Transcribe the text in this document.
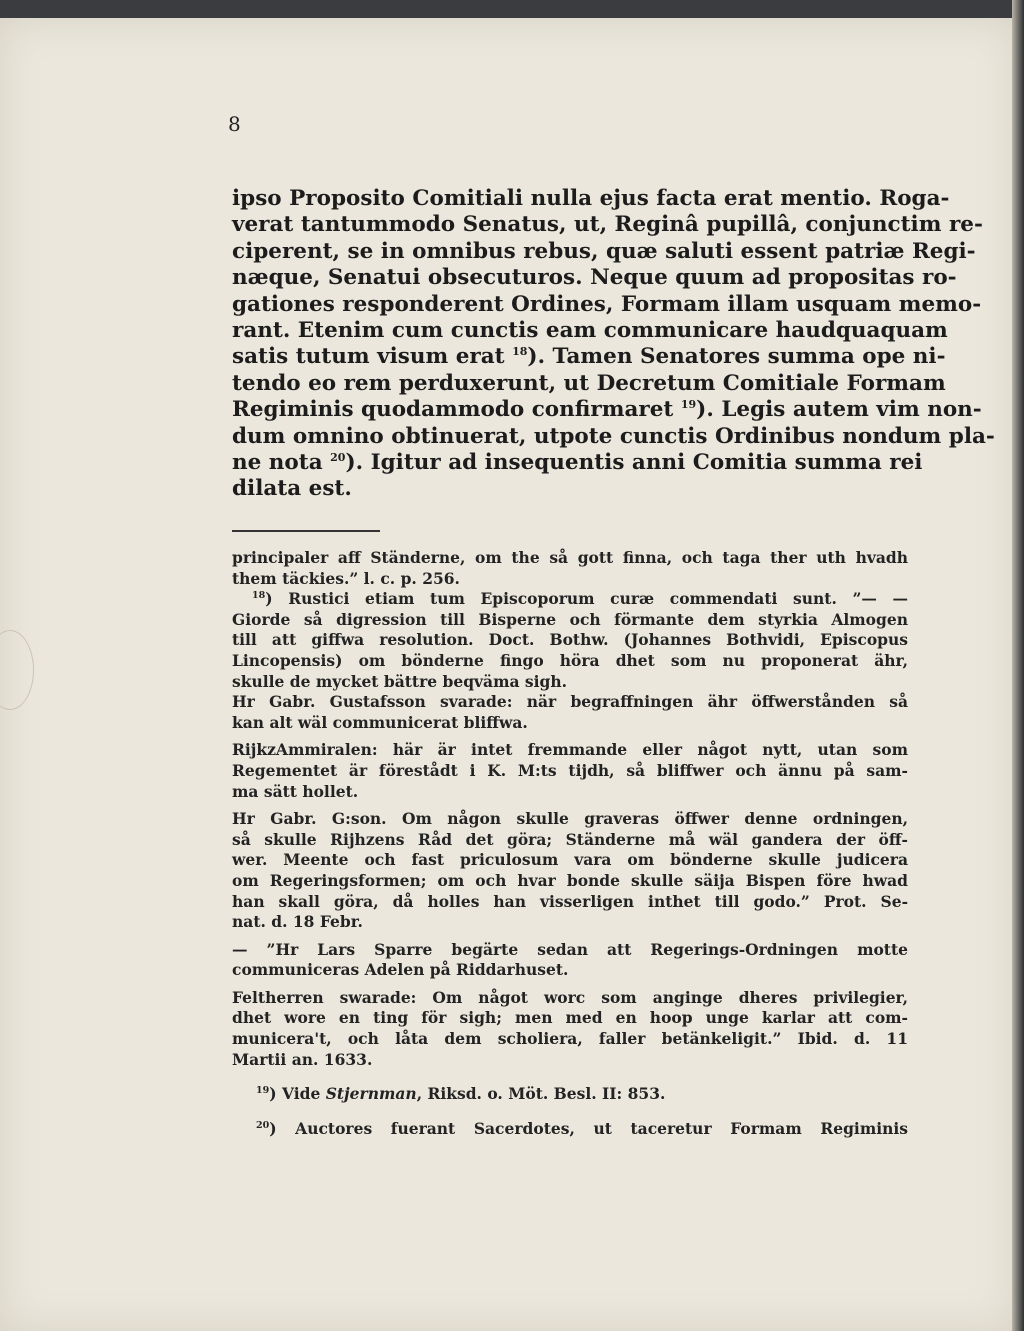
8
ipso Proposito Comitiali nulla ejus facta erat mentio. Roga-
verat tantummodo Senatus, ut, Reginâ pupillâ, conjunctim re-
ciperent, se in omnibus rebus, quæ saluti essent patriæ Regi-
næque, Senatui obsecuturos. Neque quum ad propositas ro-
gationes responderent Ordines, Formam illam usquam memo-
rant. Etenim cum cunctis eam communicare haudquaquam
satis tutum visum erat $^{18}$). Tamen Senatores summa ope ni-
tendo eo rem perduxerunt, ut Decretum Comitiale Formam
Regiminis quodammodo confirmaret $^{19}$). Legis autem vim non-
dum omnino obtinuerat, utpote cunctis Ordinibus nondum pla-
ne nota $^{20}$). Igitur ad insequentis anni Comitia summa rei
dilata est.
principaler aff Ständerne, om the så gott finna, och taga ther uth hvadh
them täckies.” l. c. p. 256.
$^{18}$) Rustici etiam tum Episcoporum curæ commendati sunt. ”— —
Giorde så digression till Bisperne och förmante dem styrkia Almogen
till att giffwa resolution. Doct. Bothw. (Johannes Bothvidi, Episcopus
Lincopensis) om bönderne fingo höra dhet som nu proponerat ähr,
skulle de mycket bättre beqväma sigh.
Hr Gabr. Gustafsson svarade: när begraffningen ähr öffwerstånden så
kan alt wäl communicerat bliffwa.
RijkzAmmiralen: här är intet fremmande eller något nytt, utan som
Regementet är förestådt i K. M:ts tijdh, så bliffwer och ännu på sam-
ma sätt hollet.
Hr Gabr. G:son. Om någon skulle graveras öffwer denne ordningen,
så skulle Rijhzens Råd det göra; Ständerne må wäl gandera der öff-
wer. Meente och fast priculosum vara om bönderne skulle judicera
om Regeringsformen; om och hvar bonde skulle säija Bispen före hwad
han skall göra, då holles han visserligen inthet till godo.” Prot. Se-
nat. d. 18 Febr.
— ”Hr Lars Sparre begärte sedan att Regerings-Ordningen motte
communiceras Adelen på Riddarhuset.
Feltherren swarade: Om något worc som anginge dheres privilegier,
dhet wore en ting för sigh; men med en hoop unge karlar att com-
municera't, och låta dem scholiera, faller betänkeligit.” Ibid. d. 11
Martii an. 1633.
$^{19}$) Vide Stjernman, Riksd. o. Möt. Besl. II: 853.
$^{20}$) Auctores fuerant Sacerdotes, ut taceretur Formam Regiminis
